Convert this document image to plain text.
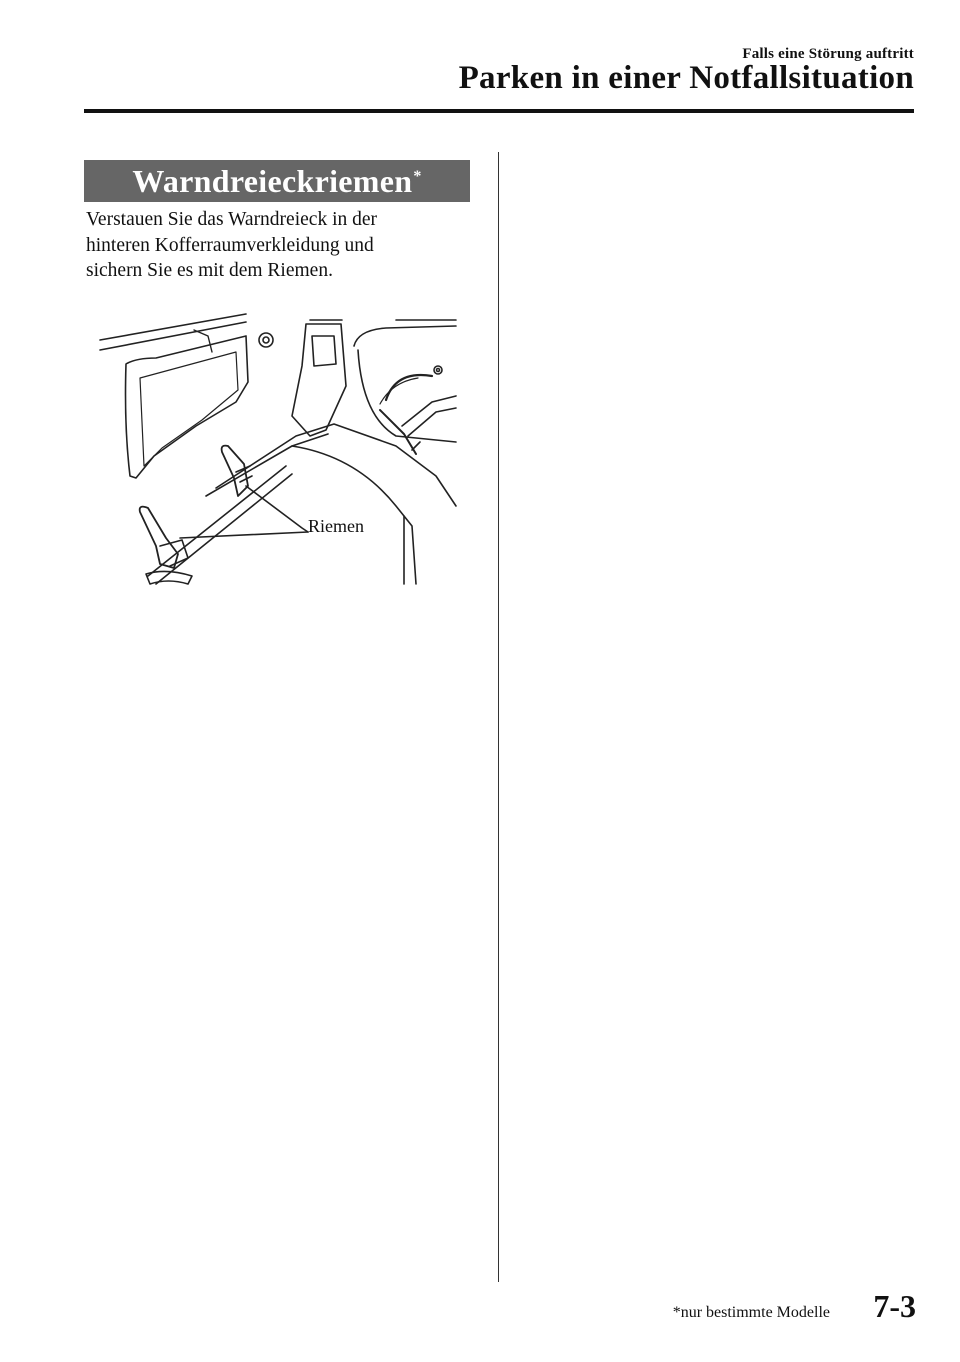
Falls eine Störung auftritt
Parken in einer Notfallsituation
Warndreieckriemen*

Verstauen Sie das Warndreieck in der

hinteren Kofferraumverkleidung und

sichern Sie es mit dem Riemen.

Riemen
*nur bestimmte Modelle 7-3
